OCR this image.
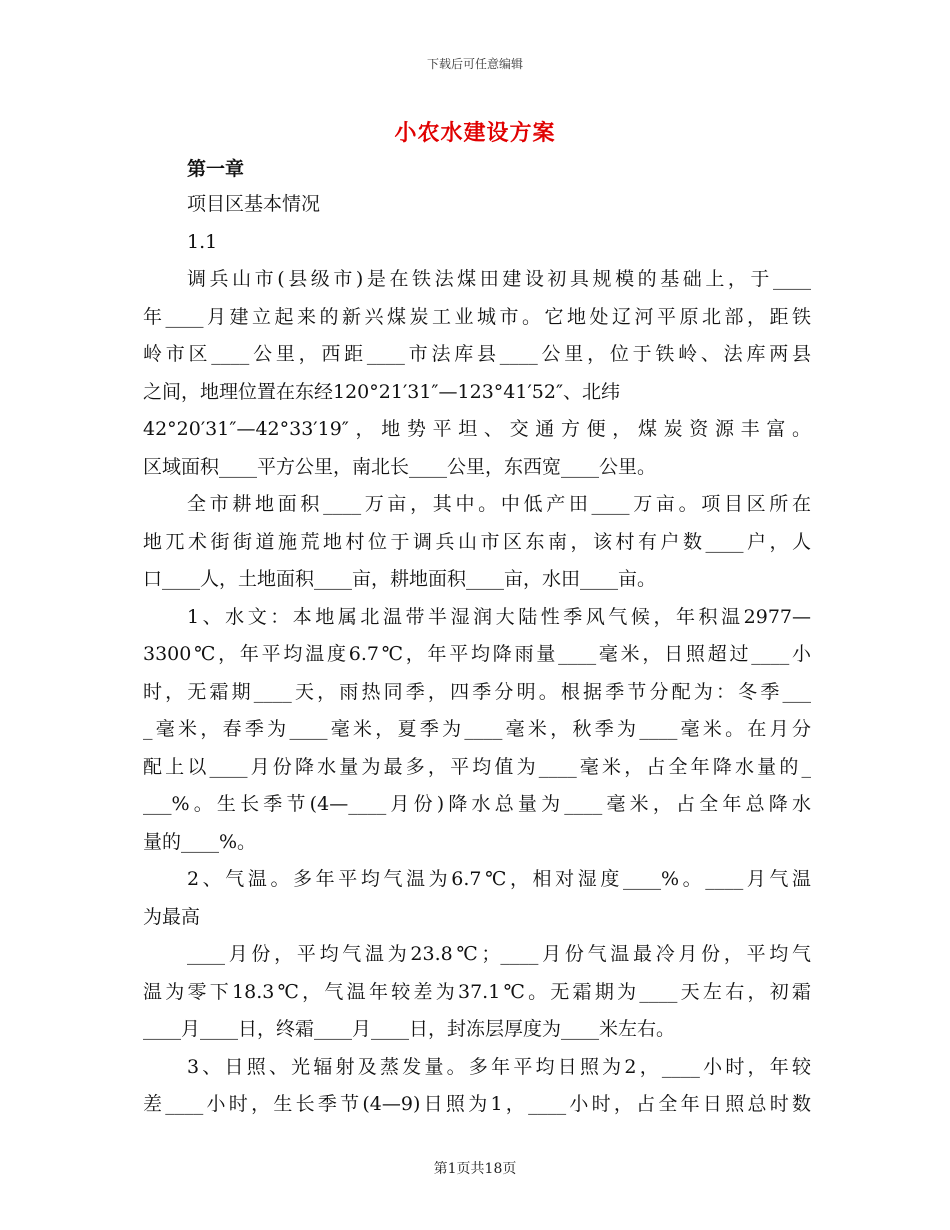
下载后可任意编辑
小农水建设方案
第一章
项目区基本情况
1.1
调兵山市(县级市)是在铁法煤田建设初具规模的基础上，于____
年____月建立起来的新兴煤炭工业城市。它地处辽河平原北部，距铁
岭市区____公里，西距____市法库县____公里，位于铁岭、法库两县
之间，地理位置在东经120°21′31″—123°41′52″、北纬
42°20′31″—42°33′19″，地势平坦、交通方便，煤炭资源丰富。
区域面积____平方公里，南北长____公里，东西宽____公里。
全市耕地面积____万亩，其中。中低产田____万亩。项目区所在
地兀术街街道施荒地村位于调兵山市区东南，该村有户数____户，人
口____人，土地面积____亩，耕地面积____亩，水田____亩。
1、水文：本地属北温带半湿润大陆性季风气候，年积温2977—
3300℃，年平均温度6.7℃，年平均降雨量____毫米，日照超过____小
时，无霜期____天，雨热同季，四季分明。根据季节分配为：冬季___
_毫米，春季为____毫米，夏季为____毫米，秋季为____毫米。在月分
配上以____月份降水量为最多，平均值为____毫米，占全年降水量的_
___%。生长季节(4—____月份)降水总量为____毫米，占全年总降水
量的____%。
2、气温。多年平均气温为6.7℃，相对湿度____%。____月气温
为最高
____月份，平均气温为23.8℃；____月份气温最冷月份，平均气
温为零下18.3℃，气温年较差为37.1℃。无霜期为____天左右，初霜
____月____日，终霜____月____日，封冻层厚度为____米左右。
3、日照、光辐射及蒸发量。多年平均日照为2，____小时，年较
差____小时，生长季节(4—9)日照为1，____小时，占全年日照总时数
第1页共18页
